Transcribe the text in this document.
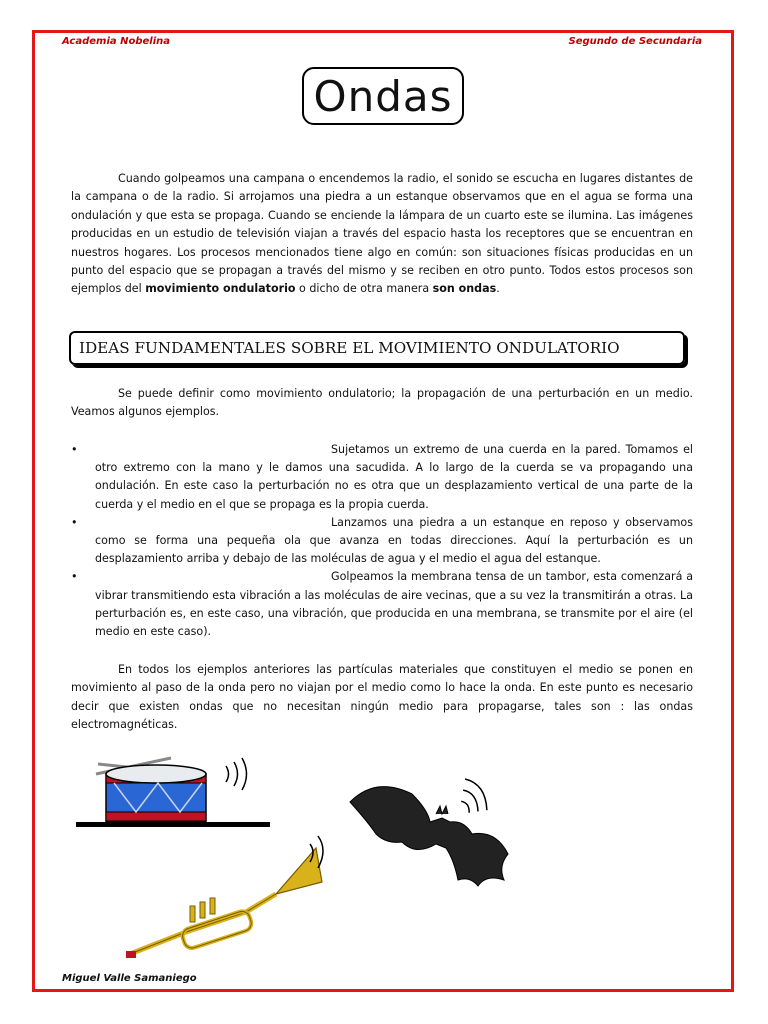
Academia Nobelina	Segundo de Secundaria
Ondas
Cuando golpeamos una campana o encendemos la radio, el sonido se escucha en lugares distantes de la campana o de la radio. Si arrojamos una piedra a un estanque observamos que en el agua se forma una ondulación y que esta se propaga. Cuando se enciende la lámpara de un cuarto este se ilumina. Las imágenes producidas en un estudio de televisión viajan a través del espacio hasta los receptores que se encuentran en nuestros hogares. Los procesos mencionados tiene algo en común: son situaciones físicas producidas en un punto del espacio que se propagan a través del mismo y se reciben en otro punto. Todos estos procesos son ejemplos del movimiento ondulatorio o dicho de otra manera son ondas.
IDEAS FUNDAMENTALES SOBRE EL MOVIMIENTO ONDULATORIO
Se puede definir como movimiento ondulatorio; la propagación de una perturbación en un medio. Veamos algunos ejemplos.
•	Sujetamos un extremo de una cuerda en la pared. Tomamos el otro extremo con la mano y le damos una sacudida. A lo largo de la cuerda se va propagando una ondulación. En este caso la perturbación no es otra que un desplazamiento vertical de una parte de la cuerda y el medio en el que se propaga es la propia cuerda.
•	Lanzamos una piedra a un estanque en reposo y observamos como se forma una pequeña ola que avanza en todas direcciones. Aquí la perturbación es un desplazamiento arriba y debajo de las moléculas de agua y el medio el agua del estanque.
•	Golpeamos la membrana tensa de un tambor, esta comenzará a vibrar transmitiendo esta vibración a las moléculas de aire vecinas, que a su vez la transmitirán a otras. La perturbación es, en este caso, una vibración, que producida en una membrana, se transmite por el aire (el medio en este caso).
En todos los ejemplos anteriores las partículas materiales que constituyen el medio se ponen en movimiento al paso de la onda pero no viajan por el medio como lo hace la onda. En este punto es necesario decir que existen ondas que no necesitan ningún medio para propagarse, tales son : las ondas electromagnéticas.
Miguel Valle Samaniego
